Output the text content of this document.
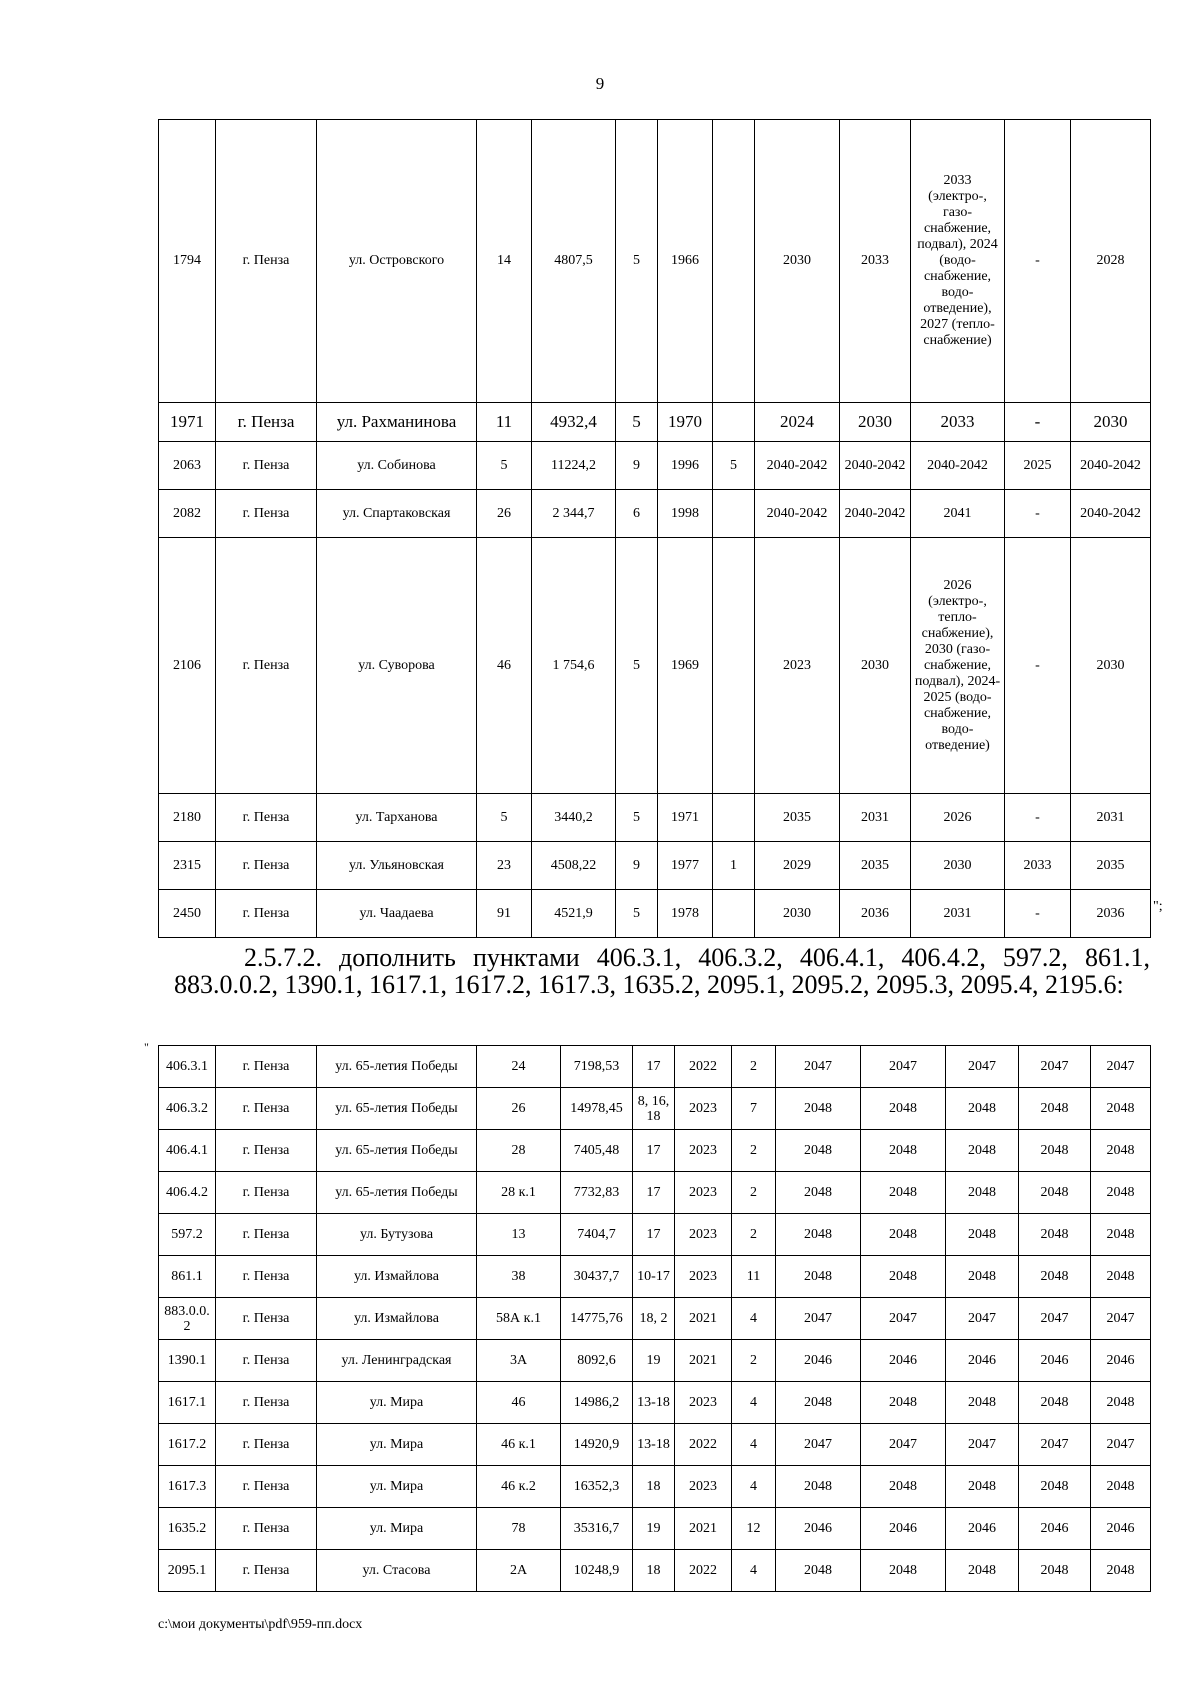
9
1794	г. Пенза	ул. Островского	14	4807,5	5	1966		2030	2033	2033 (электро-, газо-снабжение, подвал), 2024 (водо-снабжение, водо-отведение), 2027 (тепло-снабжение)	-	2028
1971	г. Пенза	ул. Рахманинова	11	4932,4	5	1970		2024	2030	2033	-	2030
2063	г. Пенза	ул. Собинова	5	11224,2	9	1996	5	2040-2042	2040-2042	2040-2042	2025	2040-2042
2082	г. Пенза	ул. Спартаковская	26	2 344,7	6	1998		2040-2042	2040-2042	2041	-	2040-2042
2106	г. Пенза	ул. Суворова	46	1 754,6	5	1969		2023	2030	2026 (электро-, тепло-снабжение), 2030 (газо-снабжение, подвал), 2024-2025 (водо-снабжение, водо-отведение)	-	2030
2180	г. Пенза	ул. Тарханова	5	3440,2	5	1971		2035	2031	2026	-	2031
2315	г. Пенза	ул. Ульяновская	23	4508,22	9	1977	1	2029	2035	2030	2033	2035
2450	г. Пенза	ул. Чаадаева	91	4521,9	5	1978		2030	2036	2031	-	2036 ";
2.5.7.2. дополнить пунктами 406.3.1, 406.3.2, 406.4.1, 406.4.2, 597.2, 861.1, 883.0.0.2, 1390.1, 1617.1, 1617.2, 1617.3, 1635.2, 2095.1, 2095.2, 2095.3, 2095.4, 2195.6:
"
406.3.1	г. Пенза	ул. 65-летия Победы	24	7198,53	17	2022	2	2047	2047	2047	2047	2047
406.3.2	г. Пенза	ул. 65-летия Победы	26	14978,45	8, 16, 18	2023	7	2048	2048	2048	2048	2048
406.4.1	г. Пенза	ул. 65-летия Победы	28	7405,48	17	2023	2	2048	2048	2048	2048	2048
406.4.2	г. Пенза	ул. 65-летия Победы	28 к.1	7732,83	17	2023	2	2048	2048	2048	2048	2048
597.2	г. Пенза	ул. Бутузова	13	7404,7	17	2023	2	2048	2048	2048	2048	2048
861.1	г. Пенза	ул. Измайлова	38	30437,7	10-17	2023	11	2048	2048	2048	2048	2048
883.0.0.2	г. Пенза	ул. Измайлова	58А к.1	14775,76	18, 2	2021	4	2047	2047	2047	2047	2047
1390.1	г. Пенза	ул. Ленинградская	3А	8092,6	19	2021	2	2046	2046	2046	2046	2046
1617.1	г. Пенза	ул. Мира	46	14986,2	13-18	2023	4	2048	2048	2048	2048	2048
1617.2	г. Пенза	ул. Мира	46 к.1	14920,9	13-18	2022	4	2047	2047	2047	2047	2047
1617.3	г. Пенза	ул. Мира	46 к.2	16352,3	18	2023	4	2048	2048	2048	2048	2048
1635.2	г. Пенза	ул. Мира	78	35316,7	19	2021	12	2046	2046	2046	2046	2046
2095.1	г. Пенза	ул. Стасова	2А	10248,9	18	2022	4	2048	2048	2048	2048	2048
c:\мои документы\pdf\959-пп.docx
